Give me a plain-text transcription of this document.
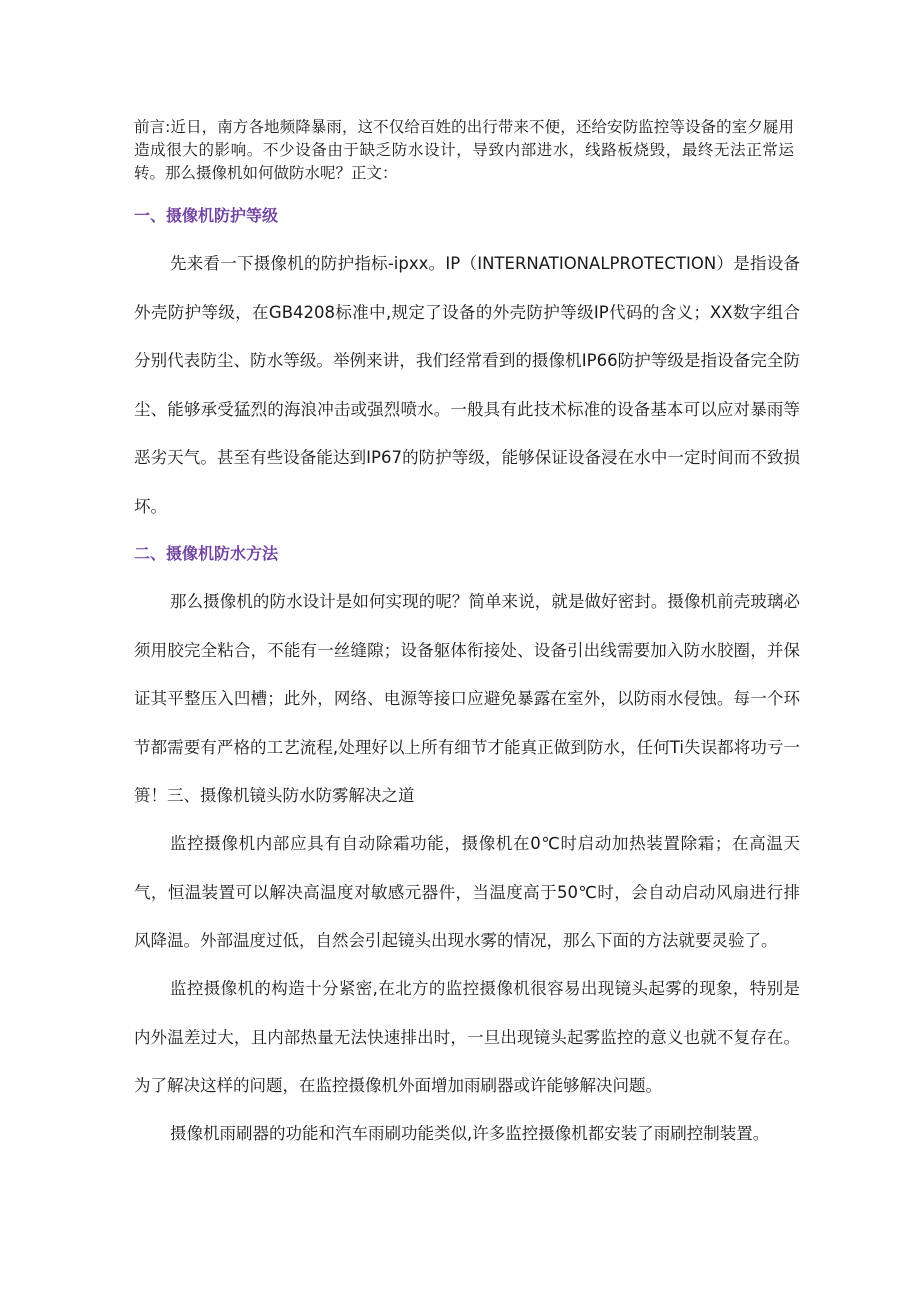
前言:近日，南方各地频降暴雨，这不仅给百姓的出行带来不便，还给安防监控等设备的室夕屣用造成很大的影响。不少设备由于缺乏防水设计，导致内部进水，线路板烧毁，最终无法正常运转。那么摄像机如何做防水呢？正文：

一、摄像机防护等级

先来看一下摄像机的防护指标-ipxx。IP（INTERNATIONALPROTECTION）是指设备外壳防护等级，在GB4208标准中,规定了设备的外壳防护等级IP代码的含义；XX数字组合分别代表防尘、防水等级。举例来讲，我们经常看到的摄像机IP66防护等级是指设备完全防尘、能够承受猛烈的海浪冲击或强烈喷水。一般具有此技术标准的设备基本可以应对暴雨等恶劣天气。甚至有些设备能达到IP67的防护等级，能够保证设备浸在水中一定时间而不致损坏。

二、摄像机防水方法

那么摄像机的防水设计是如何实现的呢？简单来说，就是做好密封。摄像机前壳玻璃必须用胶完全粘合，不能有一丝缝隙；设备躯体衔接处、设备引出线需要加入防水胶圈，并保证其平整压入凹槽；此外，网络、电源等接口应避免暴露在室外，以防雨水侵蚀。每一个环节都需要有严格的工艺流程,处理好以上所有细节才能真正做到防水，任何Ti失误都将功亏一篑！三、摄像机镜头防水防雾解决之道

监控摄像机内部应具有自动除霜功能，摄像机在0℃时启动加热装置除霜；在高温天气，恒温装置可以解决高温度对敏感元器件，当温度高于50℃时，会自动启动风扇进行排风降温。外部温度过低，自然会引起镜头出现水雾的情况，那么下面的方法就要灵验了。

监控摄像机的构造十分紧密,在北方的监控摄像机很容易出现镜头起雾的现象，特别是内外温差过大，且内部热量无法快速排出时，一旦出现镜头起雾监控的意义也就不复存在。为了解决这样的问题，在监控摄像机外面增加雨刷器或许能够解决问题。

摄像机雨刷器的功能和汽车雨刷功能类似,许多监控摄像机都安装了雨刷控制装置。
